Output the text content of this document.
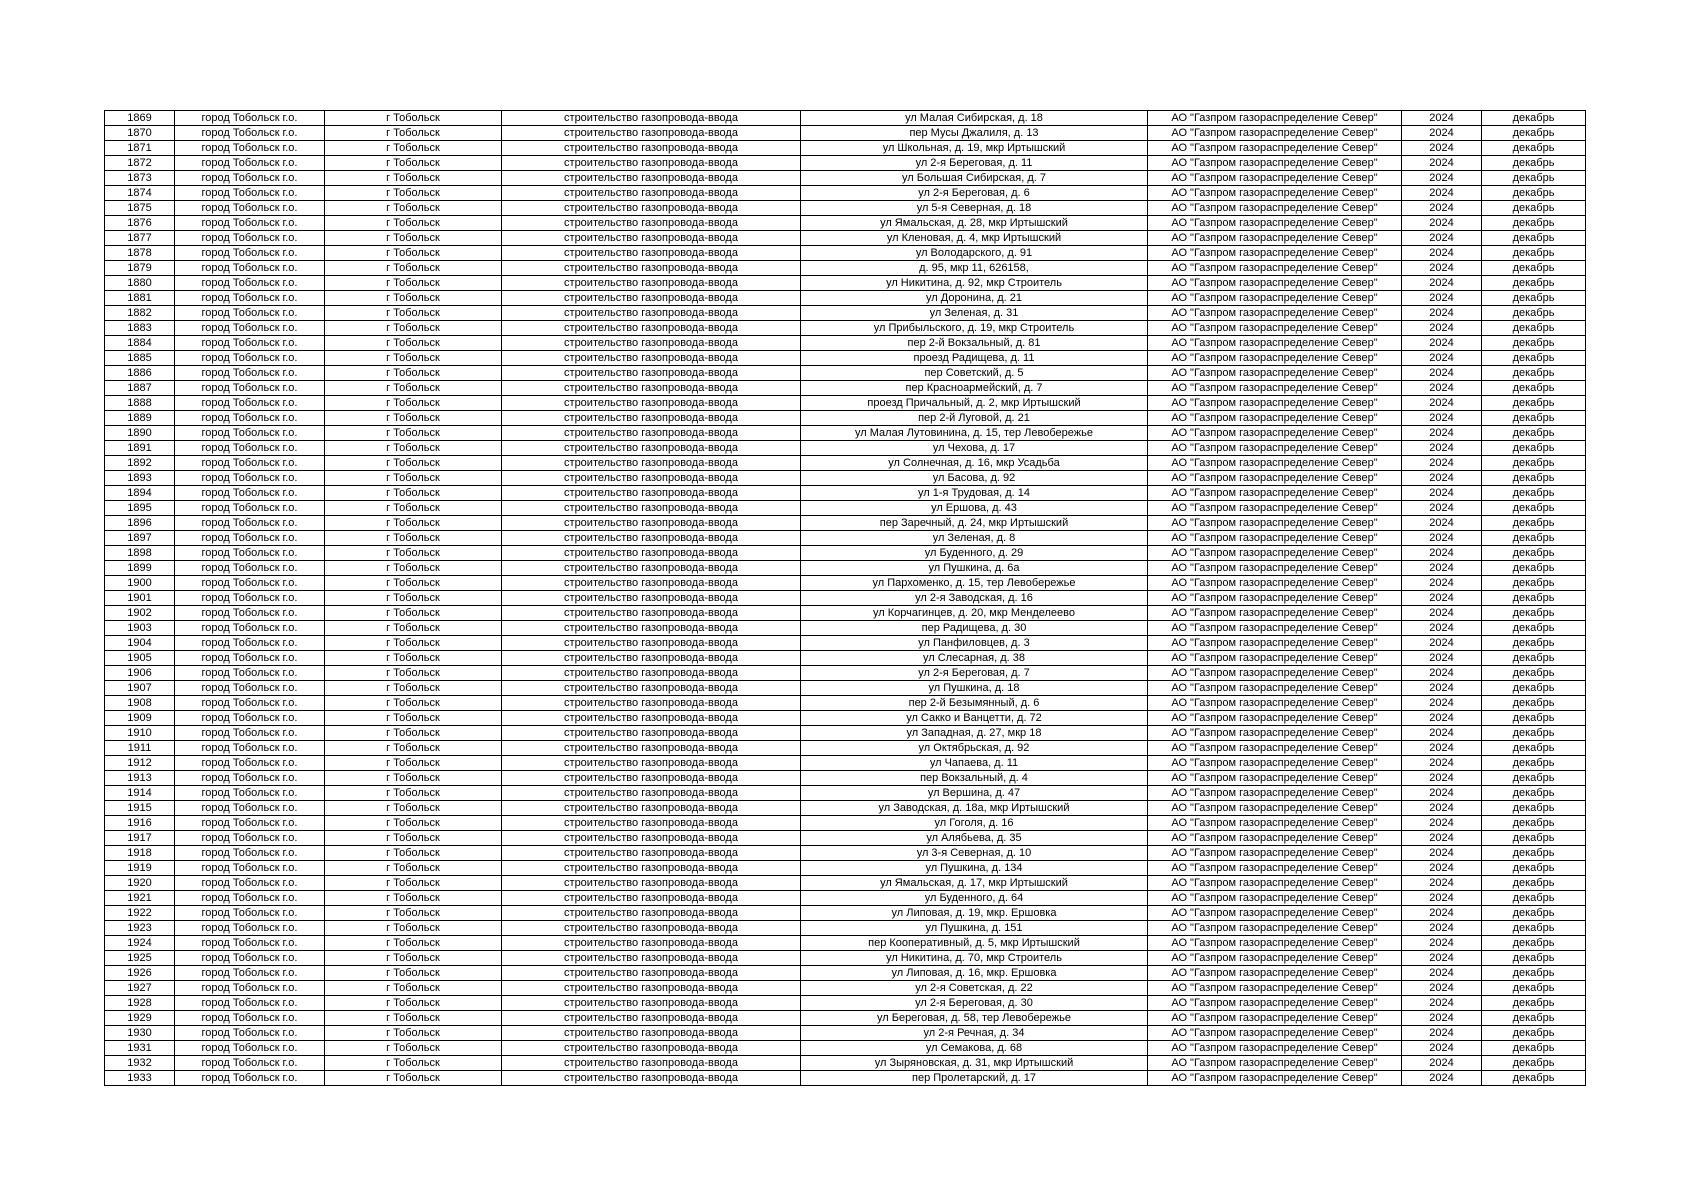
1869	город Тобольск г.о.	г Тобольск	строительство газопровода-ввода	ул Малая Сибирская, д. 18	АО "Газпром газораспределение Север"	2024	декабрь
1870	город Тобольск г.о.	г Тобольск	строительство газопровода-ввода	пер Мусы Джалиля, д. 13	АО "Газпром газораспределение Север"	2024	декабрь
1871	город Тобольск г.о.	г Тобольск	строительство газопровода-ввода	ул Школьная, д. 19, мкр Иртышский	АО "Газпром газораспределение Север"	2024	декабрь
1872	город Тобольск г.о.	г Тобольск	строительство газопровода-ввода	ул 2-я Береговая, д. 11	АО "Газпром газораспределение Север"	2024	декабрь
1873	город Тобольск г.о.	г Тобольск	строительство газопровода-ввода	ул Большая Сибирская, д. 7	АО "Газпром газораспределение Север"	2024	декабрь
1874	город Тобольск г.о.	г Тобольск	строительство газопровода-ввода	ул 2-я Береговая, д. 6	АО "Газпром газораспределение Север"	2024	декабрь
1875	город Тобольск г.о.	г Тобольск	строительство газопровода-ввода	ул 5-я Северная, д. 18	АО "Газпром газораспределение Север"	2024	декабрь
1876	город Тобольск г.о.	г Тобольск	строительство газопровода-ввода	ул Ямальская, д. 28, мкр Иртышский	АО "Газпром газораспределение Север"	2024	декабрь
1877	город Тобольск г.о.	г Тобольск	строительство газопровода-ввода	ул Кленовая, д. 4, мкр Иртышский	АО "Газпром газораспределение Север"	2024	декабрь
1878	город Тобольск г.о.	г Тобольск	строительство газопровода-ввода	ул Володарского, д. 91	АО "Газпром газораспределение Север"	2024	декабрь
1879	город Тобольск г.о.	г Тобольск	строительство газопровода-ввода	д. 95, мкр 11, 626158,	АО "Газпром газораспределение Север"	2024	декабрь
1880	город Тобольск г.о.	г Тобольск	строительство газопровода-ввода	ул Никитина, д. 92, мкр Строитель	АО "Газпром газораспределение Север"	2024	декабрь
1881	город Тобольск г.о.	г Тобольск	строительство газопровода-ввода	ул Доронина, д. 21	АО "Газпром газораспределение Север"	2024	декабрь
1882	город Тобольск г.о.	г Тобольск	строительство газопровода-ввода	ул Зеленая, д. 31	АО "Газпром газораспределение Север"	2024	декабрь
1883	город Тобольск г.о.	г Тобольск	строительство газопровода-ввода	ул Прибыльского, д. 19, мкр Строитель	АО "Газпром газораспределение Север"	2024	декабрь
1884	город Тобольск г.о.	г Тобольск	строительство газопровода-ввода	пер 2-й Вокзальный, д. 81	АО "Газпром газораспределение Север"	2024	декабрь
1885	город Тобольск г.о.	г Тобольск	строительство газопровода-ввода	проезд Радищева, д. 11	АО "Газпром газораспределение Север"	2024	декабрь
1886	город Тобольск г.о.	г Тобольск	строительство газопровода-ввода	пер Советский, д. 5	АО "Газпром газораспределение Север"	2024	декабрь
1887	город Тобольск г.о.	г Тобольск	строительство газопровода-ввода	пер Красноармейский, д. 7	АО "Газпром газораспределение Север"	2024	декабрь
1888	город Тобольск г.о.	г Тобольск	строительство газопровода-ввода	проезд Причальный, д. 2, мкр Иртышский	АО "Газпром газораспределение Север"	2024	декабрь
1889	город Тобольск г.о.	г Тобольск	строительство газопровода-ввода	пер 2-й Луговой, д. 21	АО "Газпром газораспределение Север"	2024	декабрь
1890	город Тобольск г.о.	г Тобольск	строительство газопровода-ввода	ул Малая Лутовинина, д. 15, тер Левобережье	АО "Газпром газораспределение Север"	2024	декабрь
1891	город Тобольск г.о.	г Тобольск	строительство газопровода-ввода	ул Чехова, д. 17	АО "Газпром газораспределение Север"	2024	декабрь
1892	город Тобольск г.о.	г Тобольск	строительство газопровода-ввода	ул Солнечная, д. 16, мкр Усадьба	АО "Газпром газораспределение Север"	2024	декабрь
1893	город Тобольск г.о.	г Тобольск	строительство газопровода-ввода	ул Басова, д. 92	АО "Газпром газораспределение Север"	2024	декабрь
1894	город Тобольск г.о.	г Тобольск	строительство газопровода-ввода	ул 1-я Трудовая, д. 14	АО "Газпром газораспределение Север"	2024	декабрь
1895	город Тобольск г.о.	г Тобольск	строительство газопровода-ввода	ул Ершова, д. 43	АО "Газпром газораспределение Север"	2024	декабрь
1896	город Тобольск г.о.	г Тобольск	строительство газопровода-ввода	пер Заречный, д. 24, мкр Иртышский	АО "Газпром газораспределение Север"	2024	декабрь
1897	город Тобольск г.о.	г Тобольск	строительство газопровода-ввода	ул Зеленая, д. 8	АО "Газпром газораспределение Север"	2024	декабрь
1898	город Тобольск г.о.	г Тобольск	строительство газопровода-ввода	ул Буденного, д. 29	АО "Газпром газораспределение Север"	2024	декабрь
1899	город Тобольск г.о.	г Тобольск	строительство газопровода-ввода	ул Пушкина, д. 6а	АО "Газпром газораспределение Север"	2024	декабрь
1900	город Тобольск г.о.	г Тобольск	строительство газопровода-ввода	ул Пархоменко, д. 15, тер Левобережье	АО "Газпром газораспределение Север"	2024	декабрь
1901	город Тобольск г.о.	г Тобольск	строительство газопровода-ввода	ул 2-я Заводская, д. 16	АО "Газпром газораспределение Север"	2024	декабрь
1902	город Тобольск г.о.	г Тобольск	строительство газопровода-ввода	ул Корчагинцев, д. 20, мкр Менделеево	АО "Газпром газораспределение Север"	2024	декабрь
1903	город Тобольск г.о.	г Тобольск	строительство газопровода-ввода	пер Радищева, д. 30	АО "Газпром газораспределение Север"	2024	декабрь
1904	город Тобольск г.о.	г Тобольск	строительство газопровода-ввода	ул Панфиловцев, д. 3	АО "Газпром газораспределение Север"	2024	декабрь
1905	город Тобольск г.о.	г Тобольск	строительство газопровода-ввода	ул Слесарная, д. 38	АО "Газпром газораспределение Север"	2024	декабрь
1906	город Тобольск г.о.	г Тобольск	строительство газопровода-ввода	ул 2-я Береговая, д. 7	АО "Газпром газораспределение Север"	2024	декабрь
1907	город Тобольск г.о.	г Тобольск	строительство газопровода-ввода	ул Пушкина, д. 18	АО "Газпром газораспределение Север"	2024	декабрь
1908	город Тобольск г.о.	г Тобольск	строительство газопровода-ввода	пер 2-й Безымянный, д. 6	АО "Газпром газораспределение Север"	2024	декабрь
1909	город Тобольск г.о.	г Тобольск	строительство газопровода-ввода	ул Сакко и Ванцетти, д. 72	АО "Газпром газораспределение Север"	2024	декабрь
1910	город Тобольск г.о.	г Тобольск	строительство газопровода-ввода	ул Западная, д. 27, мкр 18	АО "Газпром газораспределение Север"	2024	декабрь
1911	город Тобольск г.о.	г Тобольск	строительство газопровода-ввода	ул Октябрьская, д. 92	АО "Газпром газораспределение Север"	2024	декабрь
1912	город Тобольск г.о.	г Тобольск	строительство газопровода-ввода	ул Чапаева, д. 11	АО "Газпром газораспределение Север"	2024	декабрь
1913	город Тобольск г.о.	г Тобольск	строительство газопровода-ввода	пер Вокзальный, д. 4	АО "Газпром газораспределение Север"	2024	декабрь
1914	город Тобольск г.о.	г Тобольск	строительство газопровода-ввода	ул Вершина, д. 47	АО "Газпром газораспределение Север"	2024	декабрь
1915	город Тобольск г.о.	г Тобольск	строительство газопровода-ввода	ул Заводская, д. 18а, мкр Иртышский	АО "Газпром газораспределение Север"	2024	декабрь
1916	город Тобольск г.о.	г Тобольск	строительство газопровода-ввода	ул Гоголя, д. 16	АО "Газпром газораспределение Север"	2024	декабрь
1917	город Тобольск г.о.	г Тобольск	строительство газопровода-ввода	ул Алябьева, д. 35	АО "Газпром газораспределение Север"	2024	декабрь
1918	город Тобольск г.о.	г Тобольск	строительство газопровода-ввода	ул 3-я Северная, д. 10	АО "Газпром газораспределение Север"	2024	декабрь
1919	город Тобольск г.о.	г Тобольск	строительство газопровода-ввода	ул Пушкина, д. 134	АО "Газпром газораспределение Север"	2024	декабрь
1920	город Тобольск г.о.	г Тобольск	строительство газопровода-ввода	ул Ямальская, д. 17, мкр Иртышский	АО "Газпром газораспределение Север"	2024	декабрь
1921	город Тобольск г.о.	г Тобольск	строительство газопровода-ввода	ул Буденного, д. 64	АО "Газпром газораспределение Север"	2024	декабрь
1922	город Тобольск г.о.	г Тобольск	строительство газопровода-ввода	ул Липовая, д. 19, мкр. Ершовка	АО "Газпром газораспределение Север"	2024	декабрь
1923	город Тобольск г.о.	г Тобольск	строительство газопровода-ввода	ул Пушкина, д. 151	АО "Газпром газораспределение Север"	2024	декабрь
1924	город Тобольск г.о.	г Тобольск	строительство газопровода-ввода	пер Кооперативный, д. 5, мкр Иртышский	АО "Газпром газораспределение Север"	2024	декабрь
1925	город Тобольск г.о.	г Тобольск	строительство газопровода-ввода	ул Никитина, д. 70, мкр Строитель	АО "Газпром газораспределение Север"	2024	декабрь
1926	город Тобольск г.о.	г Тобольск	строительство газопровода-ввода	ул Липовая, д. 16, мкр. Ершовка	АО "Газпром газораспределение Север"	2024	декабрь
1927	город Тобольск г.о.	г Тобольск	строительство газопровода-ввода	ул 2-я Советская, д. 22	АО "Газпром газораспределение Север"	2024	декабрь
1928	город Тобольск г.о.	г Тобольск	строительство газопровода-ввода	ул 2-я Береговая, д. 30	АО "Газпром газораспределение Север"	2024	декабрь
1929	город Тобольск г.о.	г Тобольск	строительство газопровода-ввода	ул Береговая, д. 58, тер Левобережье	АО "Газпром газораспределение Север"	2024	декабрь
1930	город Тобольск г.о.	г Тобольск	строительство газопровода-ввода	ул 2-я Речная, д. 34	АО "Газпром газораспределение Север"	2024	декабрь
1931	город Тобольск г.о.	г Тобольск	строительство газопровода-ввода	ул Семакова, д. 68	АО "Газпром газораспределение Север"	2024	декабрь
1932	город Тобольск г.о.	г Тобольск	строительство газопровода-ввода	ул Зыряновская, д. 31, мкр Иртышский	АО "Газпром газораспределение Север"	2024	декабрь
1933	город Тобольск г.о.	г Тобольск	строительство газопровода-ввода	пер Пролетарский, д. 17	АО "Газпром газораспределение Север"	2024	декабрь
